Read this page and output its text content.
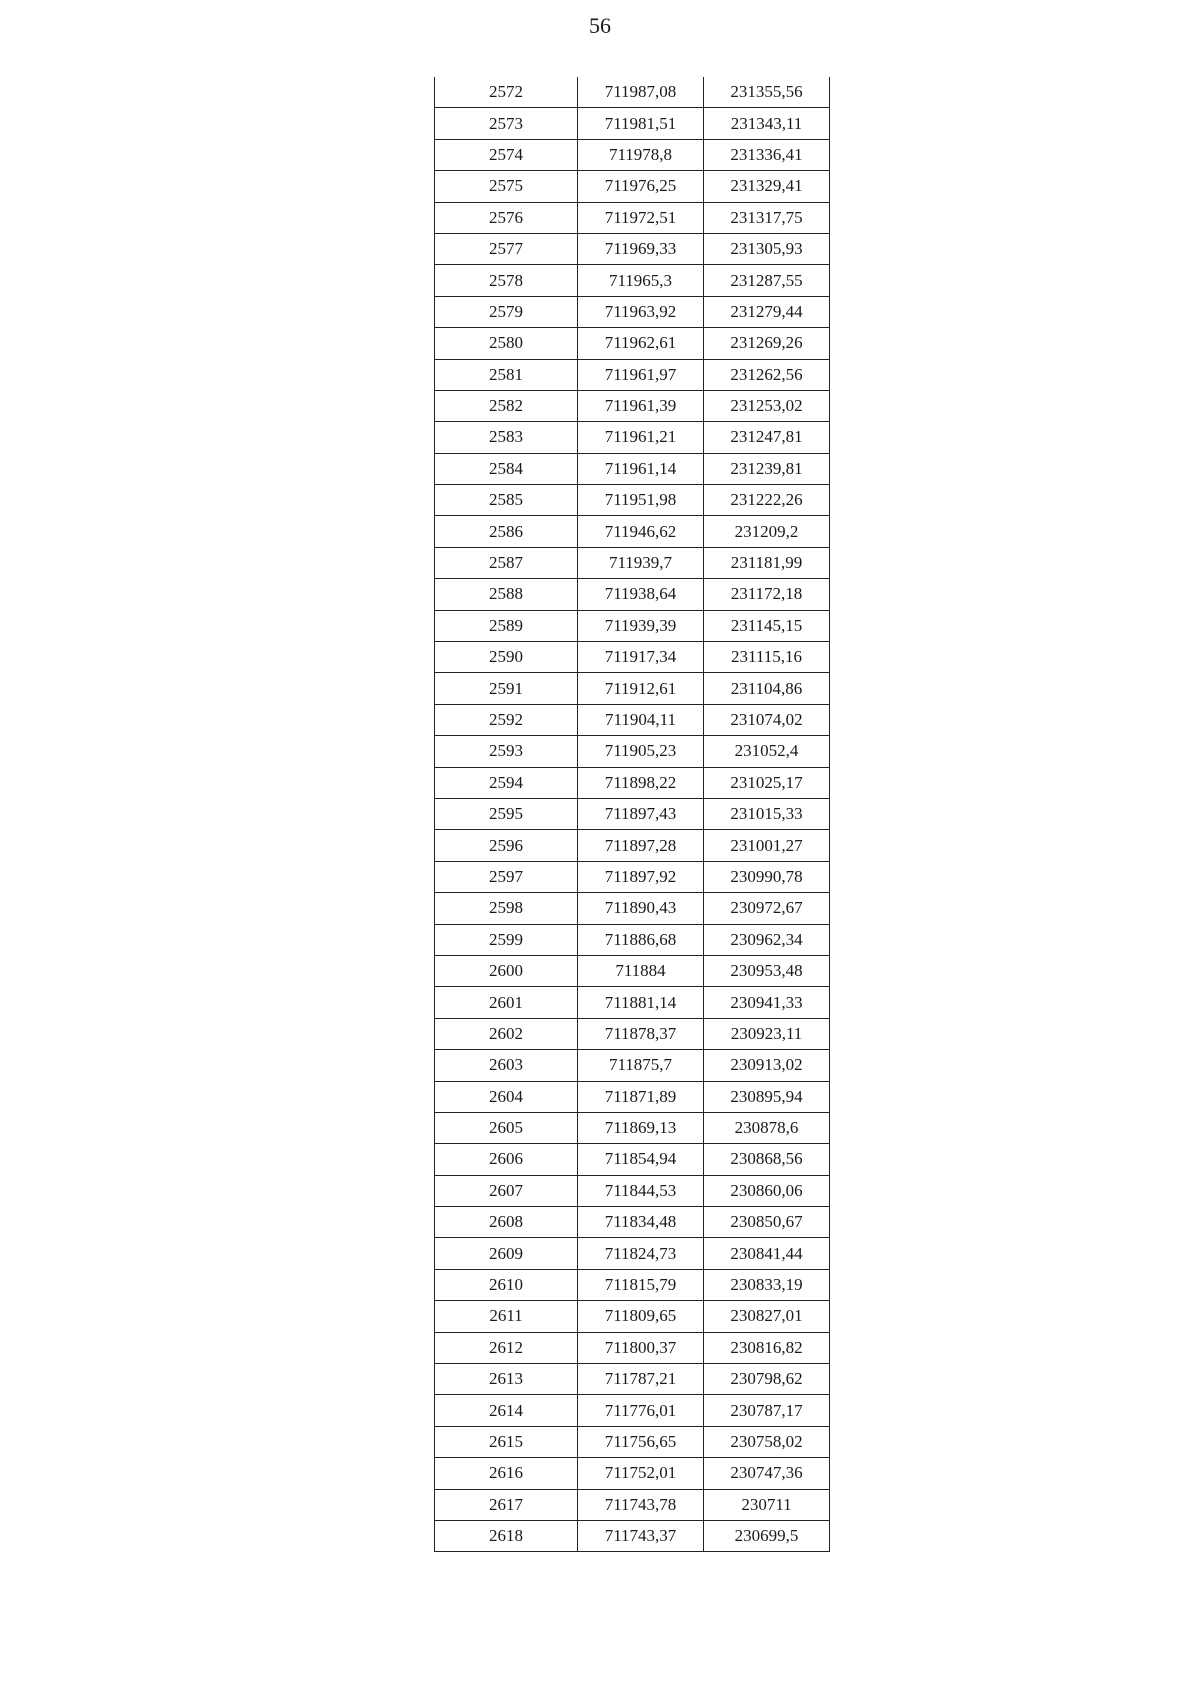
56
2572	711987,08	231355,56
2573	711981,51	231343,11
2574	711978,8	231336,41
2575	711976,25	231329,41
2576	711972,51	231317,75
2577	711969,33	231305,93
2578	711965,3	231287,55
2579	711963,92	231279,44
2580	711962,61	231269,26
2581	711961,97	231262,56
2582	711961,39	231253,02
2583	711961,21	231247,81
2584	711961,14	231239,81
2585	711951,98	231222,26
2586	711946,62	231209,2
2587	711939,7	231181,99
2588	711938,64	231172,18
2589	711939,39	231145,15
2590	711917,34	231115,16
2591	711912,61	231104,86
2592	711904,11	231074,02
2593	711905,23	231052,4
2594	711898,22	231025,17
2595	711897,43	231015,33
2596	711897,28	231001,27
2597	711897,92	230990,78
2598	711890,43	230972,67
2599	711886,68	230962,34
2600	711884	230953,48
2601	711881,14	230941,33
2602	711878,37	230923,11
2603	711875,7	230913,02
2604	711871,89	230895,94
2605	711869,13	230878,6
2606	711854,94	230868,56
2607	711844,53	230860,06
2608	711834,48	230850,67
2609	711824,73	230841,44
2610	711815,79	230833,19
2611	711809,65	230827,01
2612	711800,37	230816,82
2613	711787,21	230798,62
2614	711776,01	230787,17
2615	711756,65	230758,02
2616	711752,01	230747,36
2617	711743,78	230711
2618	711743,37	230699,5
